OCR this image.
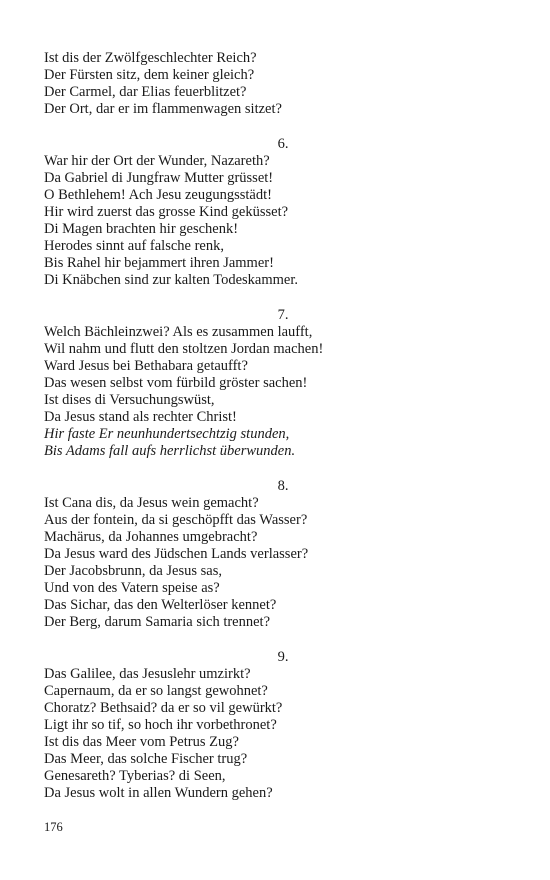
Ist dis der Zwölfgeschlechter Reich?
Der Fürsten sitz, dem keiner gleich?
Der Carmel, dar Elias feuerblitzet?
Der Ort, dar er im flammenwagen sitzet?
6.
War hir der Ort der Wunder, Nazareth?
Da Gabriel di Jungfraw Mutter grüsset!
O Bethlehem! Ach Jesu zeugungsstädt!
Hir wird zuerst das grosse Kind geküsset?
Di Magen brachten hir geschenk!
Herodes sinnt auf falsche renk,
Bis Rahel hir bejammert ihren Jammer!
Di Knäbchen sind zur kalten Todeskammer.
7.
Welch Bächleinzwei? Als es zusammen laufft,
Wil nahm und flutt den stoltzen Jordan machen!
Ward Jesus bei Bethabara getaufft?
Das wesen selbst vom fürbild gröster sachen!
Ist dises di Versuchungswüst,
Da Jesus stand als rechter Christ!
Hir faste Er neunhundertsechtzig stunden,
Bis Adams fall aufs herrlichst überwunden.
8.
Ist Cana dis, da Jesus wein gemacht?
Aus der fontein, da si geschöpfft das Wasser?
Machärus, da Johannes umgebracht?
Da Jesus ward des Jüdschen Lands verlasser?
Der Jacobsbrunn, da Jesus sas,
Und von des Vatern speise as?
Das Sichar, das den Welterlöser kennet?
Der Berg, darum Samaria sich trennet?
9.
Das Galilee, das Jesuslehr umzirkt?
Capernaum, da er so langst gewohnet?
Choratz? Bethsaid? da er so vil gewürkt?
Ligt ihr so tif, so hoch ihr vorbethronet?
Ist dis das Meer vom Petrus Zug?
Das Meer, das solche Fischer trug?
Genesareth? Tyberias? di Seen,
Da Jesus wolt in allen Wundern gehen?
176
